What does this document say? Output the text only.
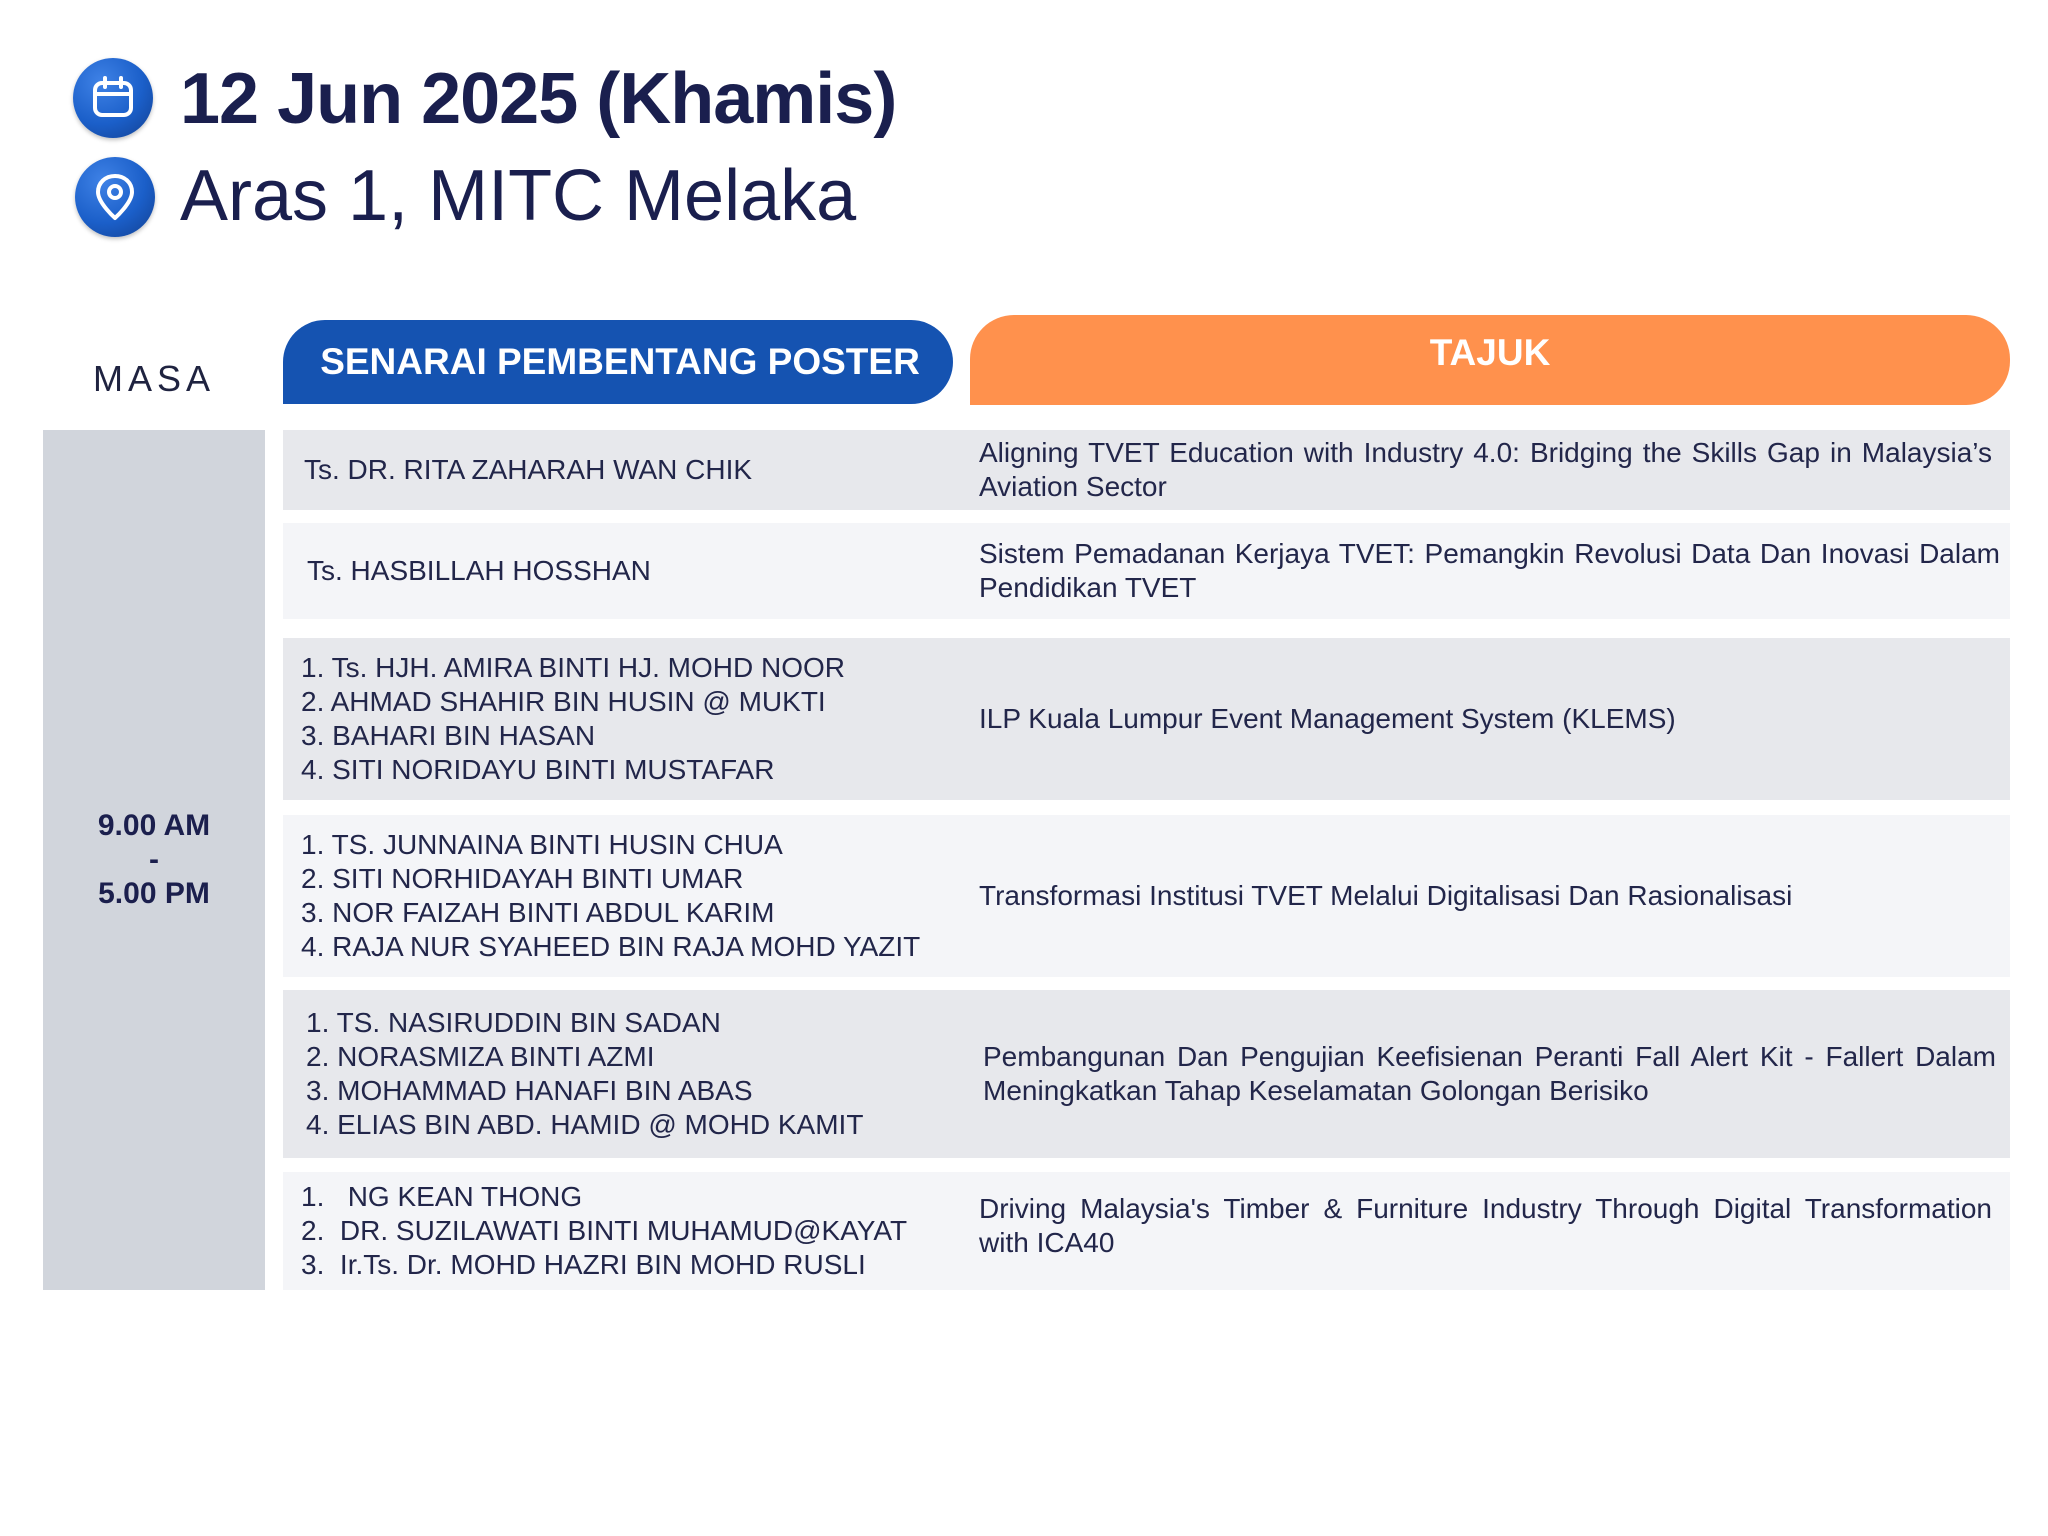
12 Jun 2025 (Khamis)
Aras 1, MITC Melaka
MASA	SENARAI PEMBENTANG POSTER	TAJUK
9.00 AM
-
5.00 PM
Ts. DR. RITA ZAHARAH WAN CHIK
Aligning TVET Education with Industry 4.0: Bridging the Skills Gap in Malaysia’s Aviation Sector
Ts. HASBILLAH HOSSHAN
Sistem Pemadanan Kerjaya TVET: Pemangkin Revolusi Data Dan Inovasi Dalam Pendidikan TVET
1. Ts. HJH. AMIRA BINTI HJ. MOHD NOOR
2. AHMAD SHAHIR BIN HUSIN @ MUKTI
3. BAHARI BIN HASAN
4. SITI NORIDAYU BINTI MUSTAFAR
ILP Kuala Lumpur Event Management System (KLEMS)
1. TS. JUNNAINA BINTI HUSIN CHUA
2. SITI NORHIDAYAH BINTI UMAR
3. NOR FAIZAH BINTI ABDUL KARIM
4. RAJA NUR SYAHEED BIN RAJA MOHD YAZIT
Transformasi Institusi TVET Melalui Digitalisasi Dan Rasionalisasi
1. TS. NASIRUDDIN BIN SADAN
2. NORASMIZA BINTI AZMI
3. MOHAMMAD HANAFI BIN ABAS
4. ELIAS BIN ABD. HAMID @ MOHD KAMIT
Pembangunan Dan Pengujian Keefisienan Peranti Fall Alert Kit - Fallert Dalam Meningkatkan Tahap Keselamatan Golongan Berisiko
1.   NG KEAN THONG
2.  DR. SUZILAWATI BINTI MUHAMUD@KAYAT
3.  Ir.Ts. Dr. MOHD HAZRI BIN MOHD RUSLI
Driving Malaysia's Timber & Furniture Industry Through Digital Transformation with ICA40
